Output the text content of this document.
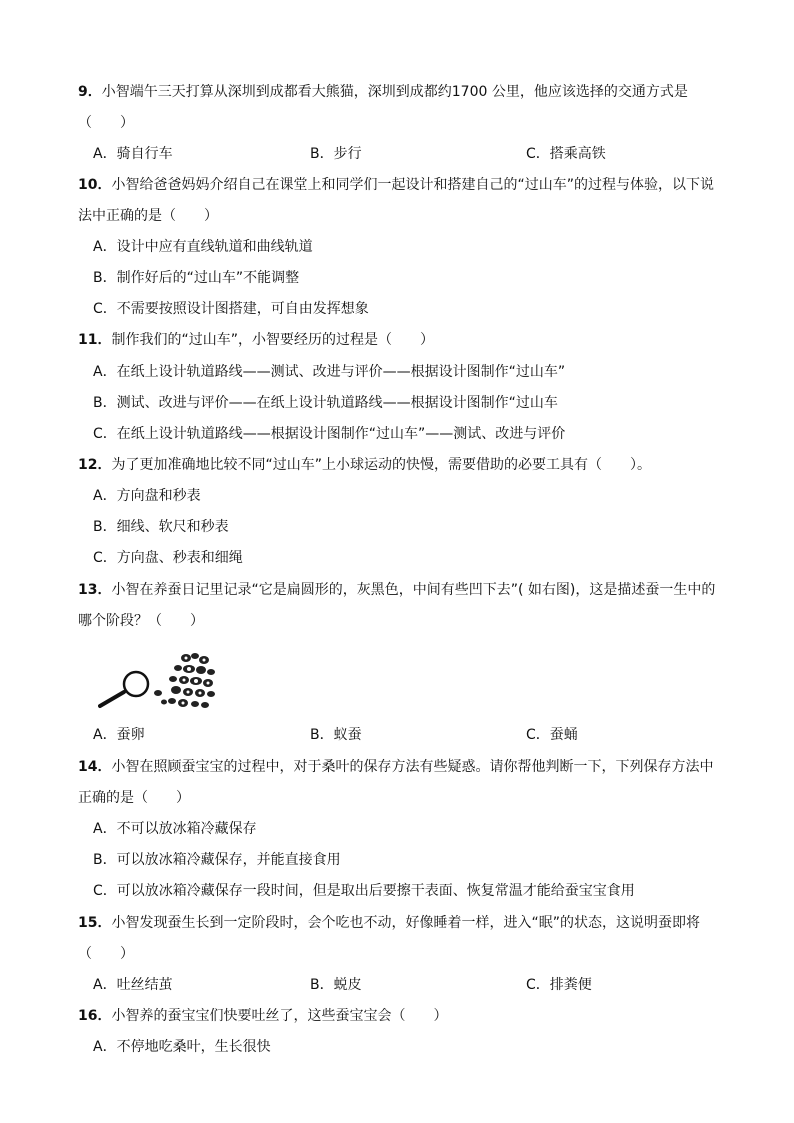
9．小智端午三天打算从深圳到成都看大熊猫，深圳到成都约1700 公里，他应该选择的交通方式是
（　　）
A．骑自行车	B．步行	C．搭乘高铁
10．小智给爸爸妈妈介绍自己在课堂上和同学们一起设计和搭建自己的“过山车”的过程与体验，以下说
法中正确的是（　　）
A．设计中应有直线轨道和曲线轨道
B．制作好后的“过山车”不能调整
C．不需要按照设计图搭建，可自由发挥想象
11．制作我们的“过山车”，小智要经历的过程是（　　）
A．在纸上设计轨道路线——测试、改进与评价——根据设计图制作“过山车”
B．测试、改进与评价——在纸上设计轨道路线——根据设计图制作“过山车
C．在纸上设计轨道路线——根据设计图制作“过山车”——测试、改进与评价
12．为了更加准确地比较不同“过山车”上小球运动的快慢，需要借助的必要工具有（　　）。
A．方向盘和秒表
B．细线、软尺和秒表
C．方向盘、秒表和细绳
13．小智在养蚕日记里记录“它是扁圆形的，灰黑色，中间有些凹下去”( 如右图)，这是描述蚕一生中的
哪个阶段？（　　）
A．蚕卵	B．蚁蚕	C．蚕蛹
14．小智在照顾蚕宝宝的过程中，对于桑叶的保存方法有些疑惑。请你帮他判断一下，下列保存方法中
正确的是（　　）
A．不可以放冰箱冷藏保存
B．可以放冰箱冷藏保存，并能直接食用
C．可以放冰箱冷藏保存一段时间，但是取出后要擦干表面、恢复常温才能给蚕宝宝食用
15．小智发现蚕生长到一定阶段时，会个吃也不动，好像睡着一样，进入“眠”的状态，这说明蚕即将
（　　）
A．吐丝结茧	B．蜕皮	C．排粪便
16．小智养的蚕宝宝们快要吐丝了，这些蚕宝宝会（　　）
A．不停地吃桑叶，生长很快
